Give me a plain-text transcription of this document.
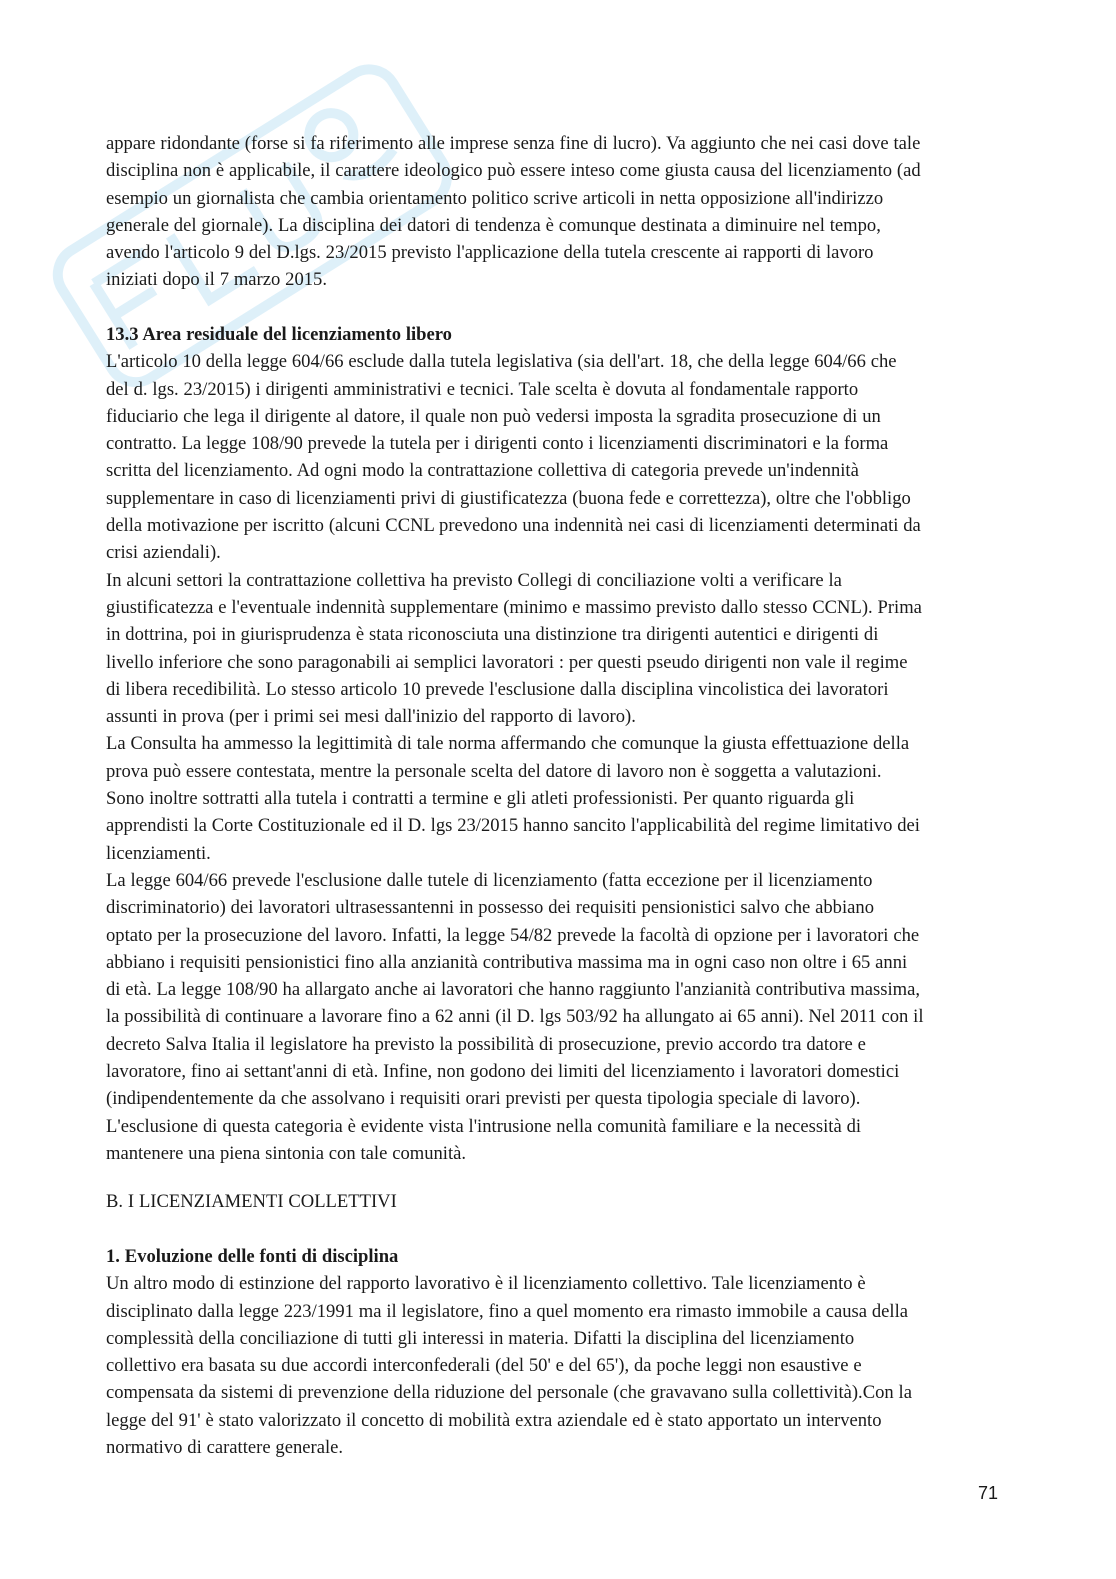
appare ridondante (forse si fa riferimento alle imprese senza fine di lucro). Va aggiunto che nei casi dove tale

disciplina non è applicabile, il carattere ideologico può essere inteso come giusta causa del licenziamento (ad

esempio un giornalista che cambia orientamento politico scrive articoli in netta opposizione all'indirizzo

generale del giornale). La disciplina dei datori di tendenza è comunque destinata a diminuire nel tempo,

avendo l'articolo 9 del D.lgs. 23/2015 previsto l'applicazione della tutela crescente ai rapporti di lavoro

iniziati dopo il 7 marzo 2015.

13.3 Area residuale del licenziamento libero

L'articolo 10 della legge 604/66 esclude dalla tutela legislativa (sia dell'art. 18, che della legge 604/66 che

del d. lgs. 23/2015) i dirigenti amministrativi e tecnici. Tale scelta è dovuta al fondamentale rapporto

fiduciario che lega il dirigente al datore, il quale non può vedersi imposta la sgradita prosecuzione di un

contratto. La legge 108/90 prevede la tutela per i dirigenti conto i licenziamenti discriminatori e la forma

scritta del licenziamento. Ad ogni modo la contrattazione collettiva di categoria prevede un'indennità

supplementare in caso di licenziamenti privi di giustificatezza (buona fede e correttezza), oltre che l'obbligo

della motivazione per iscritto (alcuni CCNL prevedono una indennità nei casi di licenziamenti determinati da

crisi aziendali).

In alcuni settori la contrattazione collettiva ha previsto Collegi di conciliazione volti a verificare la

giustificatezza e l'eventuale indennità supplementare (minimo e massimo previsto dallo stesso CCNL). Prima

in dottrina, poi in giurisprudenza è stata riconosciuta una distinzione tra dirigenti autentici e dirigenti di

livello inferiore che sono paragonabili ai semplici lavoratori : per questi pseudo dirigenti non vale il regime

di libera recedibilità. Lo stesso articolo 10 prevede l'esclusione dalla disciplina vincolistica dei lavoratori

assunti in prova (per i primi sei mesi dall'inizio del rapporto di lavoro).

La Consulta ha ammesso la legittimità di tale norma affermando che comunque la giusta effettuazione della

prova può essere contestata, mentre la personale scelta del datore di lavoro non è soggetta a valutazioni.

Sono inoltre sottratti alla tutela i contratti a termine e gli atleti professionisti. Per quanto riguarda gli

apprendisti la Corte Costituzionale ed il D. lgs 23/2015 hanno sancito l'applicabilità del regime limitativo dei

licenziamenti.

La legge 604/66 prevede l'esclusione dalle tutele di licenziamento (fatta eccezione per il licenziamento

discriminatorio) dei lavoratori ultrasessantenni in possesso dei requisiti pensionistici salvo che abbiano

optato per la prosecuzione del lavoro. Infatti, la legge 54/82 prevede la facoltà di opzione per i lavoratori che

abbiano i requisiti pensionistici fino alla anzianità contributiva massima ma in ogni caso non oltre i 65 anni

di età. La legge 108/90 ha allargato anche ai lavoratori che hanno raggiunto l'anzianità contributiva massima,

la possibilità di continuare a lavorare fino a 62 anni (il D. lgs 503/92 ha allungato ai 65 anni). Nel 2011 con il

decreto Salva Italia il legislatore ha previsto la possibilità di prosecuzione, previo accordo tra datore e

lavoratore, fino ai settant'anni di età. Infine, non godono dei limiti del licenziamento i lavoratori domestici

(indipendentemente da che assolvano i requisiti orari previsti per questa tipologia speciale di lavoro).

L'esclusione di questa categoria è evidente vista l'intrusione nella comunità familiare e la necessità di

mantenere una piena sintonia con tale comunità.

B. I LICENZIAMENTI COLLETTIVI

1. Evoluzione delle fonti di disciplina

Un altro modo di estinzione del rapporto lavorativo è il licenziamento collettivo. Tale licenziamento è

disciplinato dalla legge 223/1991 ma il legislatore, fino a quel momento era rimasto immobile a causa della

complessità della conciliazione di tutti gli interessi in materia. Difatti la disciplina del licenziamento

collettivo era basata su due accordi interconfederali (del 50' e del 65'), da poche leggi non esaustive e

compensata da sistemi di prevenzione della riduzione del personale (che gravavano sulla collettività).Con la

legge del 91' è stato valorizzato il concetto di mobilità extra aziendale ed è stato apportato un intervento

normativo di carattere generale.

71
